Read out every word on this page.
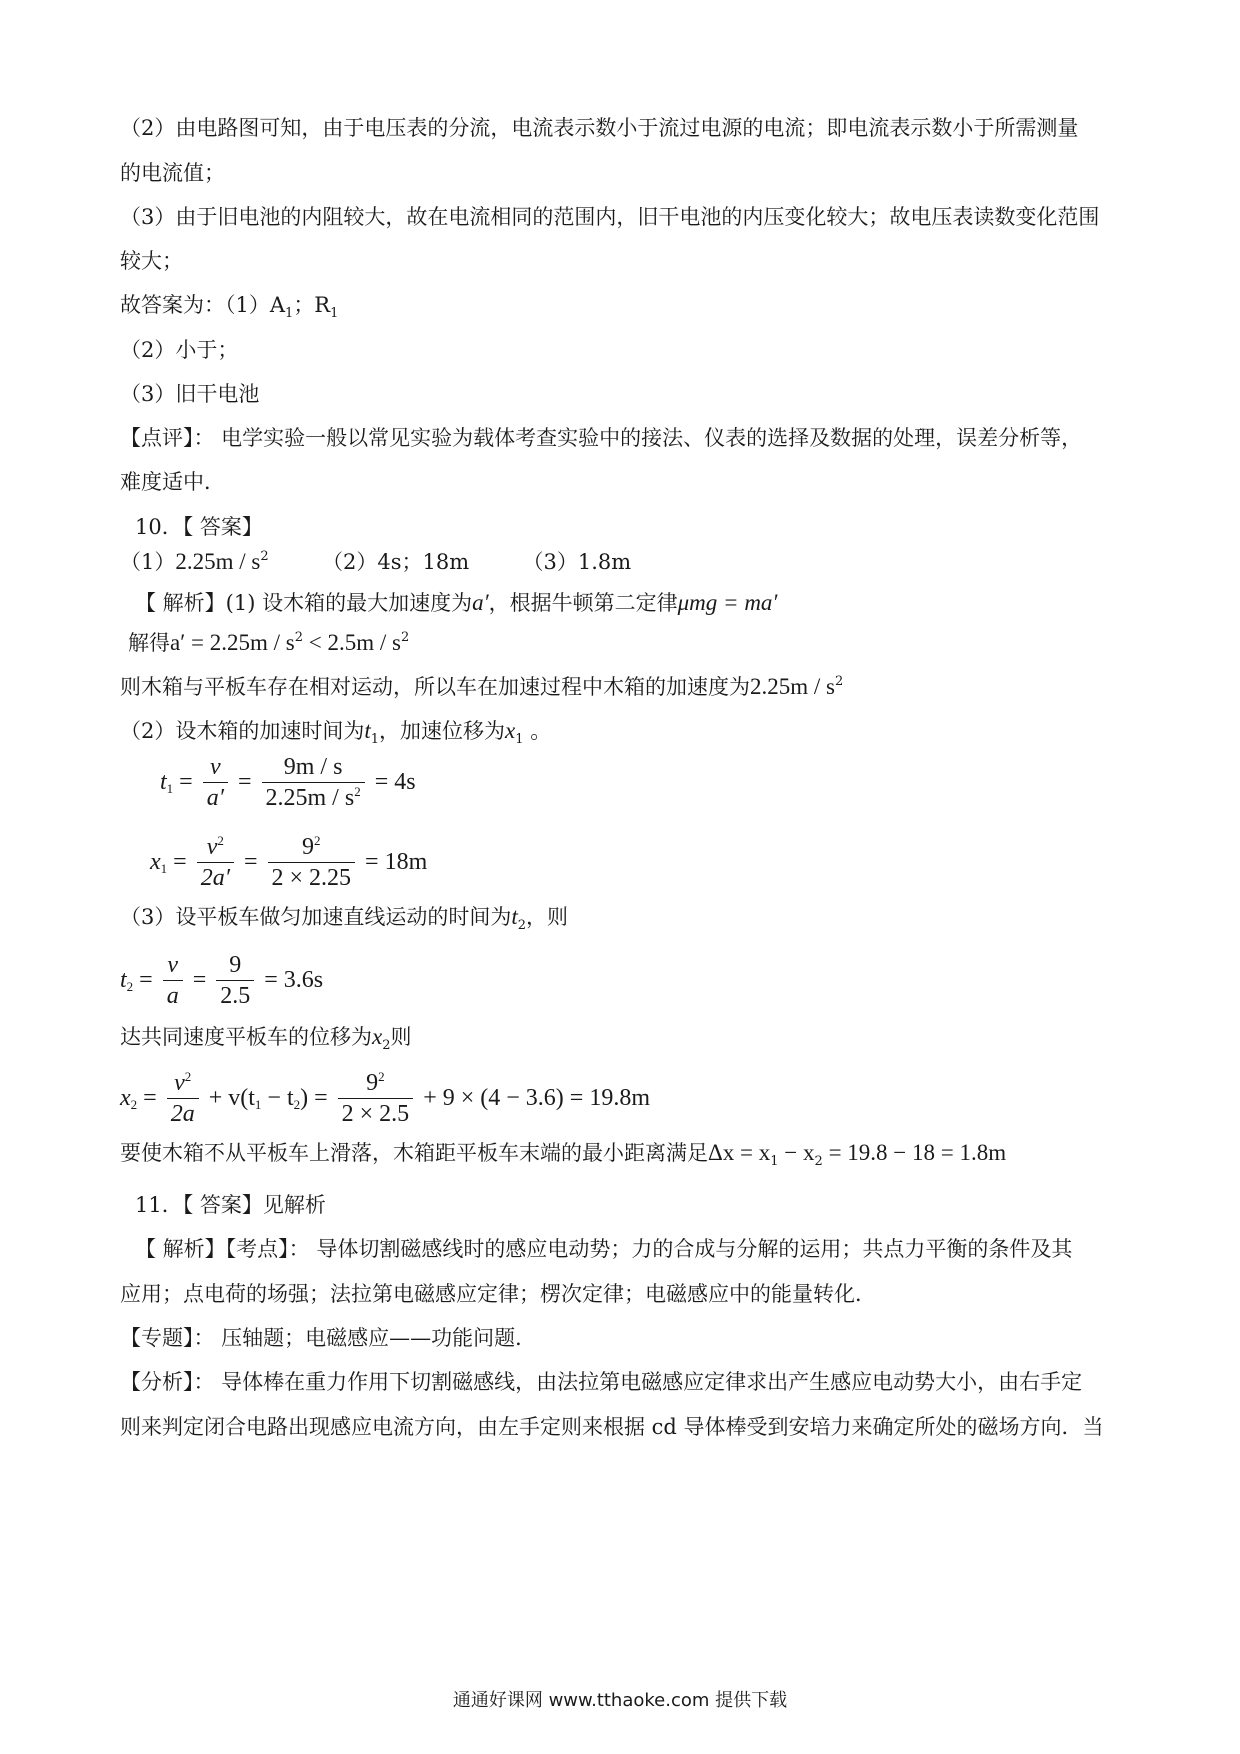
（2）由电路图可知，由于电压表的分流，电流表示数小于流过电源的电流；即电流表示数小于所需测量
的电流值；
（3）由于旧电池的内阻较大，故在电流相同的范围内，旧干电池的内压变化较大；故电压表读数变化范围
较大；
故答案为：$(1)A_1$；$R_1$
（2）小于；
（3）旧干电池
【点评】： 电学实验一般以常见实验为载体考查实验中的接法、仪表的选择及数据的处理，误差分析等，
难度适中．
10．【 答案】
$(1)2.25m / s^2$	（2）4s；18m	（3）1.8m
【 解析】(1) 设木箱的最大加速度为a′，根据牛顿第二定律μmg = ma′
解得$a' = 2.25m / s^2 < 2.5m / s^2$
则木箱与平板车存在相对运动，所以车在加速过程中木箱的加速度为$2.25m / s^2$
（2）设木箱的加速时间为$t_1$，加速位移为$x_1$ 。
$t_1 = \frac{v}{a'} = \frac{9m / s}{2.25m / s^2} = 4s$
$x_1 = \frac{v^2}{2a'} = \frac{9^2}{2 \times 2.25} = 18m$
（3）设平板车做匀加速直线运动的时间为$t_2$，则
$t_2 = \frac{v}{a} = \frac{9}{2.5} = 3.6s$
达共同速度平板车的位移为$x_2$则
$x_2 = \frac{v^2}{2a} + v(t_1 - t_2) = \frac{9^2}{2 \times 2.5} + 9 \times (4 - 3.6) = 19.8m$
要使木箱不从平板车上滑落，木箱距平板车末端的最小距离满足$\Delta x = x_1 - x_2 = 19.8 - 18 = 1.8m$
11．【 答案】见解析
【 解析】【考点】： 导体切割磁感线时的感应电动势；力的合成与分解的运用；共点力平衡的条件及其
应用；点电荷的场强；法拉第电磁感应定律；楞次定律；电磁感应中的能量转化．
【专题】： 压轴题；电磁感应——功能问题．
【分析】： 导体棒在重力作用下切割磁感线，由法拉第电磁感应定律求出产生感应电动势大小，由右手定
则来判定闭合电路出现感应电流方向，由左手定则来根据 cd 导体棒受到安培力来确定所处的磁场方向．当
通通好课网 www.tthaoke.com 提供下载
